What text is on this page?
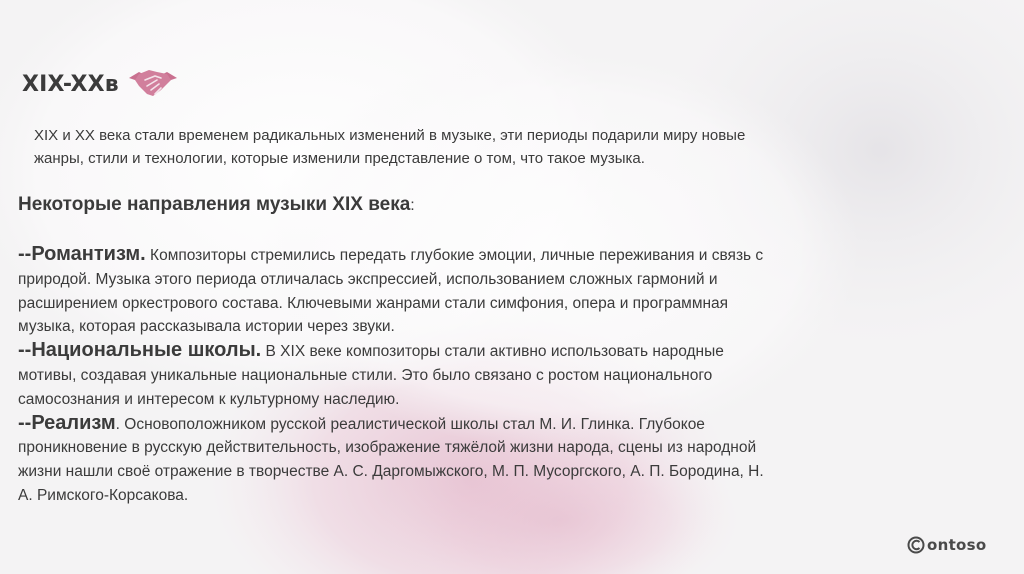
XIX-XXв
XIX и XX века стали временем радикальных изменений в музыке, эти периоды подарили миру новые жанры, стили и технологии, которые изменили представление о том, что такое музыка.
Некоторые направления музыки XIX века:
--Романтизм. Композиторы стремились передать глубокие эмоции, личные переживания и связь с природой. Музыка этого периода отличалась экспрессией, использованием сложных гармоний и расширением оркестрового состава. Ключевыми жанрами стали симфония, опера и программная музыка, которая рассказывала истории через звуки.
--Национальные школы. В XIX веке композиторы стали активно использовать народные мотивы, создавая уникальные национальные стили. Это было связано с ростом национального самосознания и интересом к культурному наследию.
--Реализм. Основоположником русской реалистической школы стал М. И. Глинка. Глубокое проникновение в русскую действительность, изображение тяжёлой жизни народа, сцены из народной жизни нашли своё отражение в творчестве А. С. Даргомыжского, М. П. Мусоргского, А. П. Бородина, Н. А. Римского-Корсакова.
ontoso
